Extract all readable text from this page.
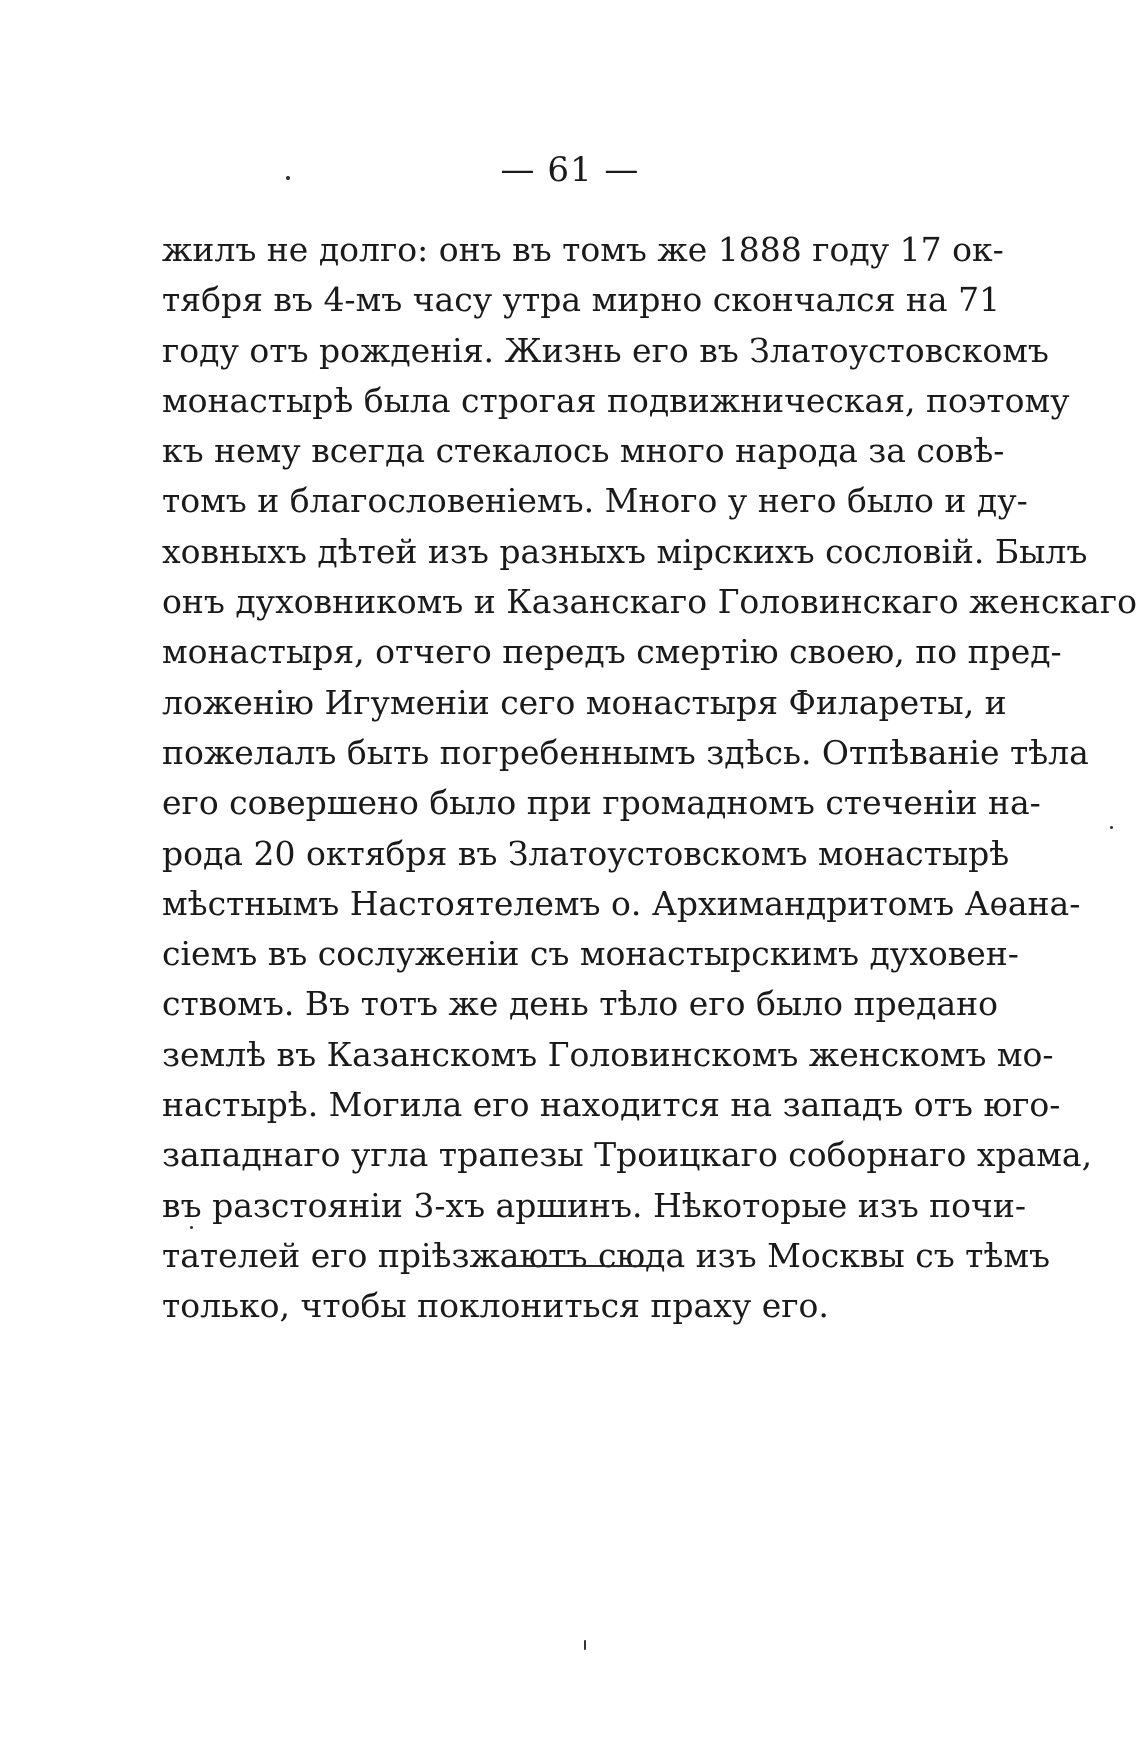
— 61 —
жилъ не долго: онъ въ томъ же 1888 году 17 ок-
тября въ 4-мъ часу утра мирно скончался на 71
году отъ рожденія. Жизнь его въ Златоустовскомъ
монастырѣ была строгая подвижническая, поэтому
къ нему всегда стекалось много народа за совѣ-
томъ и благословеніемъ. Много у него было и ду-
ховныхъ дѣтей изъ разныхъ мірскихъ сословій. Былъ
онъ духовникомъ и Казанскаго Головинскаго женскаго
монастыря, отчего передъ смертію своею, по пред-
ложенію Игуменіи сего монастыря Филареты, и
пожелалъ быть погребеннымъ здѣсь. Отпѣваніе тѣла
его совершено было при громадномъ стеченіи на-
рода 20 октября въ Златоустовскомъ монастырѣ
мѣстнымъ Настоятелемъ о. Архимандритомъ Аѳана-
сіемъ въ сослуженіи съ монастырскимъ духовен-
ствомъ. Въ тотъ же день тѣло его было предано
землѣ въ Казанскомъ Головинскомъ женскомъ мо-
настырѣ. Могила его находится на западъ отъ юго-
западнаго угла трапезы Троицкаго соборнаго храма,
въ разстояніи 3-хъ аршинъ. Нѣкоторые изъ почи-
тателей его пріѣзжаютъ сюда изъ Москвы съ тѣмъ
только, чтобы поклониться праху его.
